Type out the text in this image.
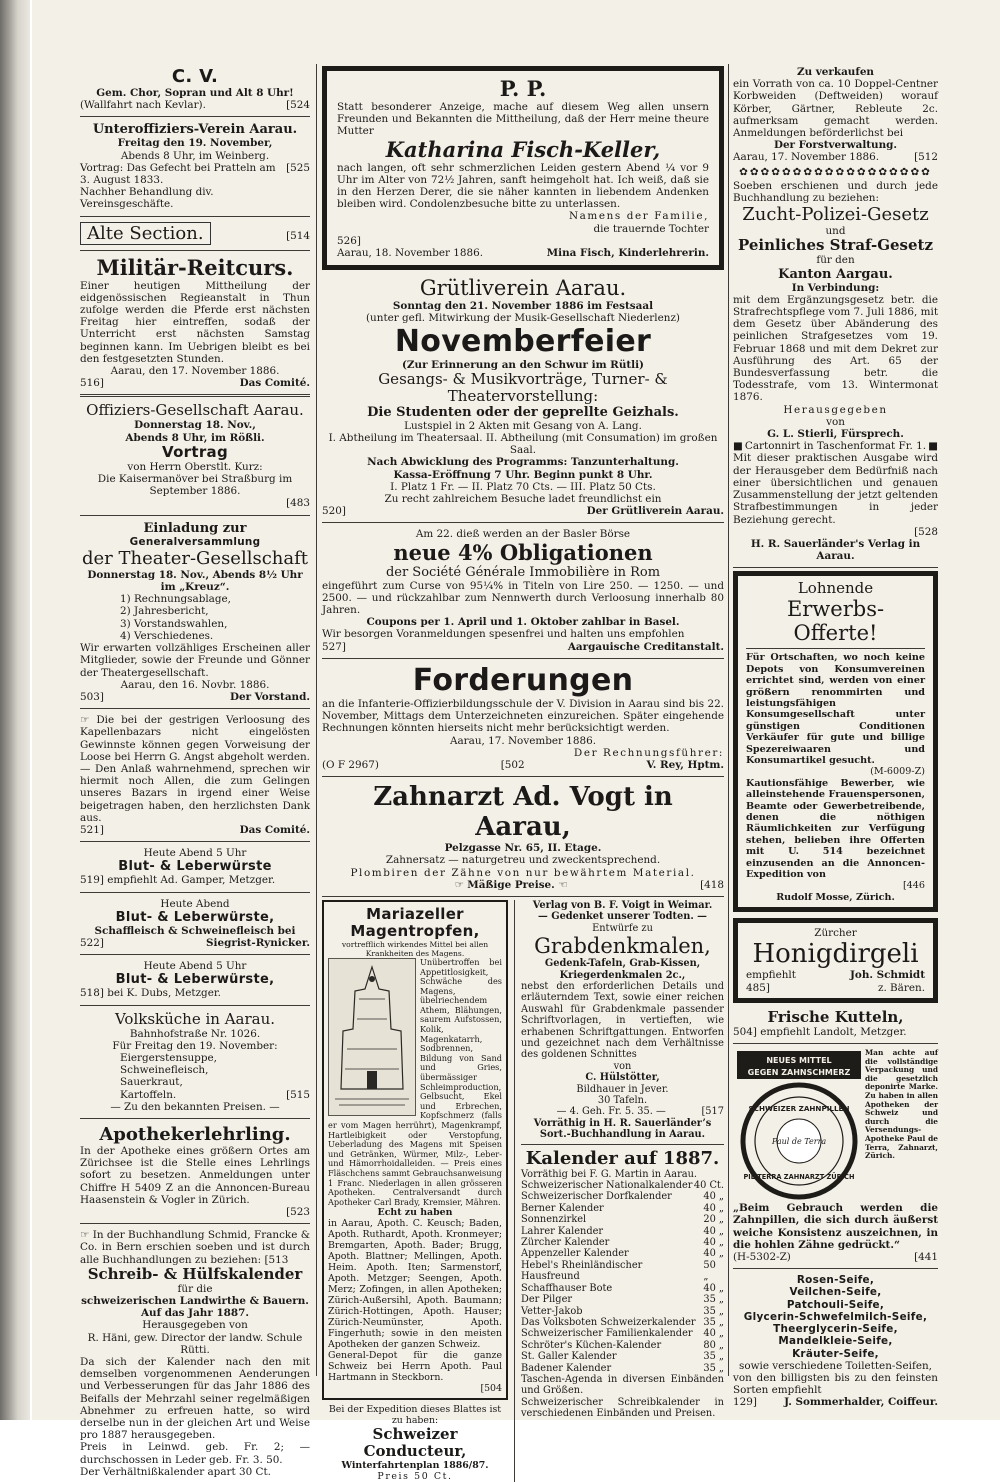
C. V.
Gem. Chor, Sopran und Alt 8 Uhr!
(Wallfahrt nach Kevlar).	[524
Unteroffiziers-Verein Aarau.
Freitag den 19. November,
Abends 8 Uhr, im Weinberg.
Vortrag: Das Gefecht bei Pratteln am 3. August 1833.
[525
Nachher Behandlung div. Vereinsgeschäfte.
Alte Section.	[514
Militär-Reitcurs.
Einer heutigen Mittheilung der eidgenössischen Regieanstalt in Thun zufolge werden die Pferde erst nächsten Freitag hier eintreffen, sodaß der Unterricht erst nächsten Samstag beginnen kann. Im Uebrigen bleibt es bei den festgesetzten Stunden.
Aarau, den 17. November 1886.
516]	Das Comité.
Offiziers-Gesellschaft Aarau.
Donnerstag 18. Nov.,
Abends 8 Uhr, im Rößli.
Vortrag
von Herrn Oberstlt. Kurz:
Die Kaisermanöver bei Straßburg im September 1886.
[483
Einladung zur
Generalversammlung
der Theater-Gesellschaft
Donnerstag 18. Nov., Abends 8½ Uhr
im „Kreuz“.
1) Rechnungsablage,
2) Jahresbericht,
3) Vorstandswahlen,
4) Verschiedenes.
Wir erwarten vollzähliges Erscheinen aller Mitglieder, sowie der Freunde und Gönner der Theatergesellschaft.
Aarau, den 16. Novbr. 1886.
503]	Der Vorstand.
☞ Die bei der gestrigen Verloosung des Kapellenbazars nicht eingelösten Gewinnste können gegen Vorweisung der Loose bei Herrn G. Angst abgeholt werden. — Den Anlaß wahrnehmend, sprechen wir hiermit noch Allen, die zum Gelingen unseres Bazars in irgend einer Weise beigetragen haben, den herzlichsten Dank aus.
521]	Das Comité.
Heute Abend 5 Uhr
Blut- & Leberwürste
519] empfiehlt Ad. Gamper, Metzger.
Heute Abend
Blut- & Leberwürste,
Schaffleisch & Schweinefleisch bei
522]	Siegrist-Rynicker.
Heute Abend 5 Uhr
Blut- & Leberwürste,
518] bei K. Dubs, Metzger.
Volksküche in Aarau.
Bahnhofstraße Nr. 1026.
Für Freitag den 19. November:
Eiergerstensuppe,
Schweinefleisch,
Sauerkraut,
Kartoffeln.	[515
— Zu den bekannten Preisen. —
Apothekerlehrling.
In der Apotheke eines größern Ortes am Zürichsee ist die Stelle eines Lehrlings sofort zu besetzen. Anmeldungen unter Chiffre H 5409 Z an die Annoncen-Bureau Haasenstein & Vogler in Zürich.
[523
☞ In der Buchhandlung Schmid, Francke & Co. in Bern erschien soeben und ist durch alle Buchhandlungen zu beziehen: [513
Schreib- & Hülfskalender
für die
schweizerischen Landwirthe & Bauern.
Auf das Jahr 1887.
Herausgegeben von
R. Häni, gew. Director der landw. Schule Rütti.
Da sich der Kalender nach den mit demselben vorgenommenen Aenderungen und Verbesserungen für das Jahr 1886 des Beifalls der Mehrzahl seiner regelmäßigen Abnehmer zu erfreuen hatte, so wird derselbe nun in der gleichen Art und Weise pro 1887 herausgegeben.
Preis in Leinwd. geb. Fr. 2; — durchschossen in Leder geb. Fr. 3. 50.
Der Verhältnißkalender apart 30 Ct.
P. P.
Statt besonderer Anzeige, mache auf diesem Weg allen unsern Freunden und Bekannten die Mittheilung, daß der Herr meine theure Mutter
Katharina Fisch-Keller,
nach langen, oft sehr schmerzlichen Leiden gestern Abend ¼ vor 9 Uhr im Alter von 72½ Jahren, sanft heimgeholt hat. Ich weiß, daß sie in den Herzen Derer, die sie näher kannten in liebendem Andenken bleiben wird. Condolenzbesuche bitte zu unterlassen.
Namens der Familie,
die trauernde Tochter
526]
Aarau, 18. November 1886.	Mina Fisch, Kinderlehrerin.
Grütliverein Aarau.
Sonntag den 21. November 1886 im Festsaal
(unter gefl. Mitwirkung der Musik-Gesellschaft Niederlenz)
Novemberfeier
(Zur Erinnerung an den Schwur im Rütli)
Gesangs- & Musikvorträge, Turner- & Theatervorstellung:
Die Studenten oder der geprellte Geizhals.
Lustspiel in 2 Akten mit Gesang von A. Lang.
I. Abtheilung im Theatersaal. II. Abtheilung (mit Consumation) im großen Saal.
Nach Abwicklung des Programms: Tanzunterhaltung.
Kassa-Eröffnung 7 Uhr. Beginn punkt 8 Uhr.
I. Platz 1 Fr. — II. Platz 70 Cts. — III. Platz 50 Cts.
Zu recht zahlreichem Besuche ladet freundlichst ein
520]	Der Grütliverein Aarau.
Am 22. dieß werden an der Basler Börse
neue 4% Obligationen
der Société Générale Immobilière in Rom
eingeführt zum Curse von 95¼% in Titeln von Lire 250. — 1250. — und 2500. — und rückzahlbar zum Nennwerth durch Verloosung innerhalb 80 Jahren.
Coupons per 1. April und 1. Oktober zahlbar in Basel.
Wir besorgen Voranmeldungen spesenfrei und halten uns empfohlen
527]	Aargauische Creditanstalt.
Forderungen
an die Infanterie-Offizierbildungsschule der V. Division in Aarau sind bis 22. November, Mittags dem Unterzeichneten einzureichen. Später eingehende Rechnungen könnten hierseits nicht mehr berücksichtigt werden.
Aarau, 17. November 1886.
Der Rechnungsführer:
(O F 2967)	[502	V. Rey, Hptm.
Zahnarzt Ad. Vogt in Aarau,
Pelzgasse Nr. 65, II. Etage.
Zahnersatz — naturgetreu und zweckentsprechend.
Plombiren der Zähne von nur bewährtem Material.
☞ Mäßige Preise. ☜	[418
Mariazeller
Magentropfen,
vortrefflich wirkendes Mittel bei allen Krankheiten des Magens.
Unübertroffen bei Appetitlosigkeit, Schwäche des Magens, übelriechendem Athem, Blähungen, saurem Aufstossen, Kolik, Magenkatarrh, Sodbrennen, Bildung von Sand und Gries, übermässiger Schleimproduction, Gelbsucht, Ekel und Erbrechen, Kopfschmerz (falls er vom Magen herrührt), Magenkrampf, Hartleibigkeit oder Verstopfung, Ueberladung des Magens mit Speisen und Getränken, Würmer, Milz-, Leber- und Hämorrhoidalleiden. — Preis eines Fläschchens sammt Gebrauchsanweisung 1 Franc. Niederlagen in allen grösseren Apotheken. Centralversandt durch Apotheker Carl Brady, Kremsier, Mähren.
Echt zu haben
in Aarau, Apoth. C. Keusch; Baden, Apoth. Ruthardt, Apoth. Kronmeyer; Bremgarten, Apoth. Bader; Brugg, Apoth. Blattner; Mellingen, Apoth. Heim. Apoth. Iten; Sarmenstorf, Apoth. Metzger; Seengen, Apoth. Merz; Zofingen, in allen Apotheken; Zürich-Außersihl, Apoth. Baumann; Zürich-Hottingen, Apoth. Hauser; Zürich-Neumünster, Apoth. Fingerhuth; sowie in den meisten Apotheken der ganzen Schweiz.
General-Depot für die ganze Schweiz bei Herrn Apoth. Paul Hartmann in Steckborn.
[504
Bei der Expedition dieses Blattes ist zu haben:
Schweizer Conducteur,
Winterfahrtenplan 1886/87.
Preis 50 Ct.
Verlag von B. F. Voigt in Weimar.
— Gedenket unserer Todten. —
Entwürfe zu
Grabdenkmalen,
Gedenk-Tafeln, Grab-Kissen, Kriegerdenkmalen 2c.,
nebst den erforderlichen Details und erläuterndem Text, sowie einer reichen Auswahl für Grabdenkmale passender Schriftvorlagen, in vertieften, wie erhabenen Schriftgattungen. Entworfen und gezeichnet nach dem Verhältnisse des goldenen Schnittes
von
C. Hülstötter,
Bildhauer in Jever.
30 Tafeln.
— 4. Geh. Fr. 5. 35. —	[517
Vorräthig in H. R. Sauerländer’s Sort.-Buchhandlung in Aarau.
Kalender auf 1887.
Vorräthig bei F. G. Martin in Aarau.
Schweizerischer Nationalkalender 40 Ct.
Schweizerischer Dorfkalender	40 „
Berner Kalender	40 „
Sonnenzirkel	20 „
Lahrer Kalender	40 „
Zürcher Kalender	40 „
Appenzeller Kalender	40 „
Hebel's Rheinländischer Hausfreund
50 „
Schaffhauser Bote	40 „
Der Pilger	35 „
Vetter-Jakob	35 „
Das Volksboten Schweizerkalender 35 „
Schweizerischer Familienkalender 40 „
Schröter's Küchen-Kalender	80 „
St. Galler Kalender	35 „
Badener Kalender	35 „
Taschen-Agenda in diversen Einbänden und Größen.
Schweizerischer Schreibkalender in verschiedenen Einbänden und Preisen.
Zu verkaufen
ein Vorrath von ca. 10 Doppel-Centner Korbweiden (Deftweiden) worauf Körber, Gärtner, Rebleute 2c. aufmerksam gemacht werden. Anmeldungen beförderlichst bei
Der Forstverwaltung.
Aarau, 17. November 1886.	[512
✿✿✿✿✿✿✿✿✿✿✿✿✿✿✿✿✿✿
Soeben erschienen und durch jede Buchhandlung zu beziehen:
Zucht-Polizei-Gesetz
und
Peinliches Straf-Gesetz
für den
Kanton Aargau.
In Verbindung:
mit dem Ergänzungsgesetz betr. die Strafrechtspflege vom 7. Juli 1886, mit dem Gesetz über Abänderung des peinlichen Strafgesetzes vom 19. Februar 1868 und mit dem Dekret zur Ausführung des Art. 65 der Bundesverfassung betr. die Todesstrafe, vom 13. Wintermonat 1876.
Herausgegeben
von
G. L. Stierli, Fürsprech.
■ Cartonnirt in Taschenformat Fr. 1. ■
Mit dieser praktischen Ausgabe wird der Herausgeber dem Bedürfniß nach einer übersichtlichen und genauen Zusammenstellung der jetzt geltenden Strafbestimmungen in jeder Beziehung gerecht.
[528
H. R. Sauerländer's Verlag in Aarau.
Lohnende
Erwerbs-Offerte!
Für Ortschaften, wo noch keine Depots von Konsumvereinen errichtet sind, werden von einer größern renommirten und leistungsfähigen Konsumgesellschaft unter günstigen Conditionen Verkäufer für gute und billige Spezereiwaaren und Konsumartikel gesucht.
(M-6009-Z)
Kautionsfähige Bewerber, wie alleinstehende Frauenspersonen, Beamte oder Gewerbetreibende, denen die nöthigen Räumlichkeiten zur Verfügung stehen, belieben ihre Offerten mit U. 514 bezeichnet einzusenden an die Annoncen-Expedition von
[446
Rudolf Mosse, Zürich.
Zürcher
Honigdirgeli
empfiehlt	Joh. Schmidt
485]	z. Bären.
Frische Kutteln,
504] empfiehlt Landolt, Metzger.
NEUES MITTEL
GEGEN ZAHNSCHMERZ
SCHWEIZER ZAHNPILLEN
Paul de Terra
PIL TERRA ZAHNARZT ZÜRICH
Man achte auf die vollständige Verpackung und die gesetzlich deponirte Marke. Zu haben in allen Apotheken der Schweiz und durch die Versendungs-Apotheke Paul de Terra, Zahnarzt, Zürich.
„Beim Gebrauch werden die Zahnpillen, die sich durch äußerst weiche Konsistenz auszeichnen, in die hohlen Zähne gedrückt.“
(H-5302-Z)	[441
Rosen-Seife,
Veilchen-Seife,
Patchouli-Seife,
Glycerin-Schwefelmilch-Seife,
Theerglycerin-Seife,
Mandelkleie-Seife,
Kräuter-Seife,
sowie verschiedene Toiletten-Seifen,
von den billigsten bis zu den feinsten Sorten empfiehlt
129]	J. Sommerhalder, Coiffeur.
